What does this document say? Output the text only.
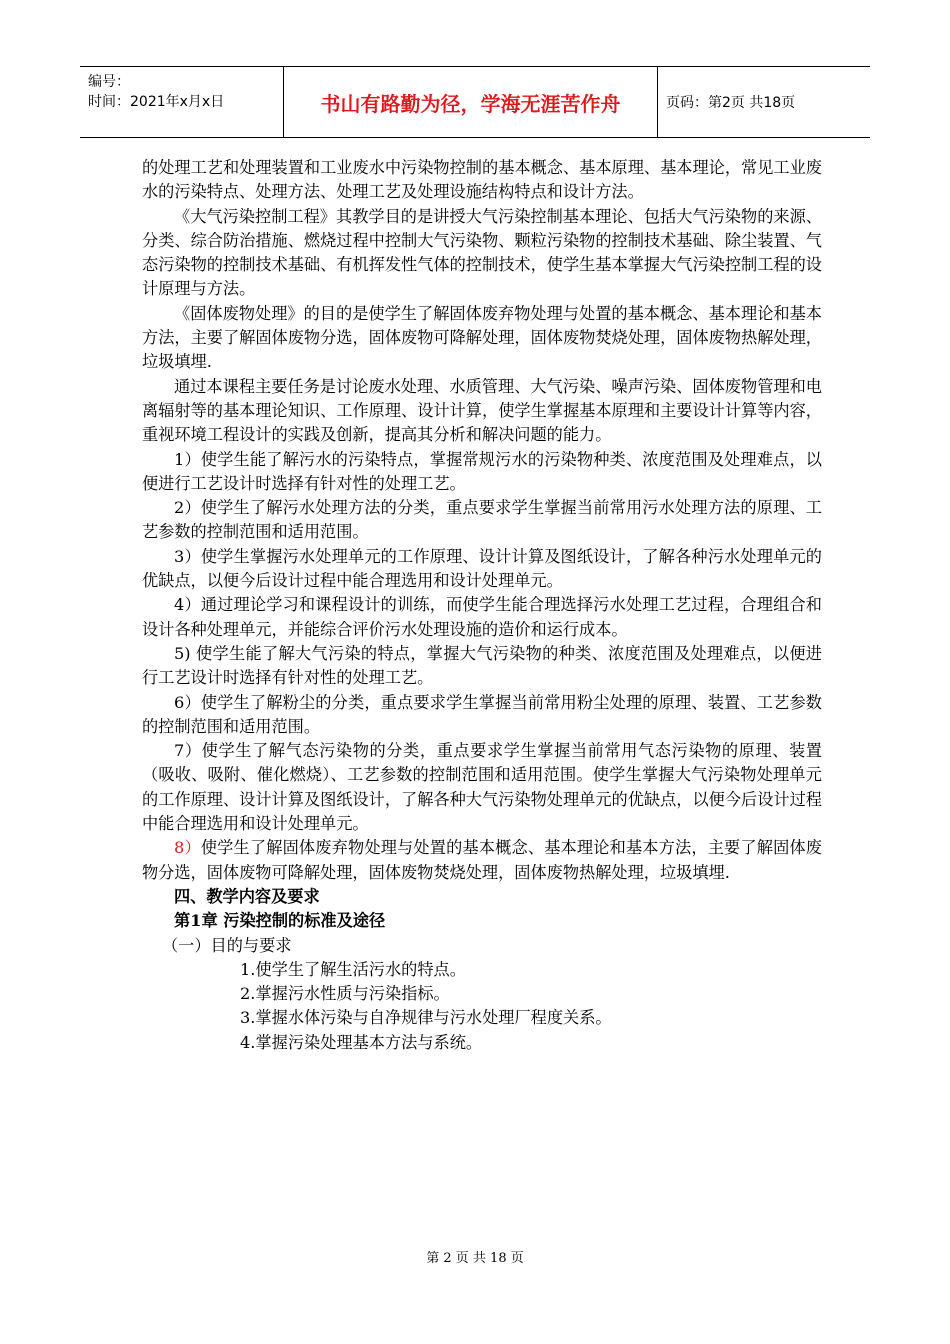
编号：
时间：2021年x月x日	书山有路勤为径，学海无涯苦作舟	页码：第2页 共18页

的处理工艺和处理装置和工业废水中污染物控制的基本概念、基本原理、基本理论，常见工业废水的污染特点、处理方法、处理工艺及处理设施结构特点和设计方法。

《大气污染控制工程》其教学目的是讲授大气污染控制基本理论、包括大气污染物的来源、分类、综合防治措施、燃烧过程中控制大气污染物、颗粒污染物的控制技术基础、除尘装置、气态污染物的控制技术基础、有机挥发性气体的控制技术，使学生基本掌握大气污染控制工程的设计原理与方法。

《固体废物处理》的目的是使学生了解固体废弃物处理与处置的基本概念、基本理论和基本方法，主要了解固体废物分选，固体废物可降解处理，固体废物焚烧处理，固体废物热解处理，垃圾填埋.

通过本课程主要任务是讨论废水处理、水质管理、大气污染、噪声污染、固体废物管理和电离辐射等的基本理论知识、工作原理、设计计算，使学生掌握基本原理和主要设计计算等内容，重视环境工程设计的实践及创新，提高其分析和解决问题的能力。

1）使学生能了解污水的污染特点，掌握常规污水的污染物种类、浓度范围及处理难点，以便进行工艺设计时选择有针对性的处理工艺。

2）使学生了解污水处理方法的分类，重点要求学生掌握当前常用污水处理方法的原理、工艺参数的控制范围和适用范围。

3）使学生掌握污水处理单元的工作原理、设计计算及图纸设计，了解各种污水处理单元的优缺点，以便今后设计过程中能合理选用和设计处理单元。

4）通过理论学习和课程设计的训练，而使学生能合理选择污水处理工艺过程，合理组合和设计各种处理单元，并能综合评价污水处理设施的造价和运行成本。

5) 使学生能了解大气污染的特点，掌握大气污染物的种类、浓度范围及处理难点，以便进行工艺设计时选择有针对性的处理工艺。

6）使学生了解粉尘的分类，重点要求学生掌握当前常用粉尘处理的原理、装置、工艺参数的控制范围和适用范围。

7）使学生了解气态污染物的分类，重点要求学生掌握当前常用气态污染物的原理、装置（吸收、吸附、催化燃烧）、工艺参数的控制范围和适用范围。使学生掌握大气污染物处理单元的工作原理、设计计算及图纸设计，了解各种大气污染物处理单元的优缺点，以便今后设计过程中能合理选用和设计处理单元。

8）使学生了解固体废弃物处理与处置的基本概念、基本理论和基本方法，主要了解固体废物分选，固体废物可降解处理，固体废物焚烧处理，固体废物热解处理，垃圾填埋.

四、教学内容及要求

第1章 污染控制的标准及途径

（一）目的与要求

1.使学生了解生活污水的特点。

2.掌握污水性质与污染指标。

3.掌握水体污染与自净规律与污水处理厂程度关系。

4.掌握污染处理基本方法与系统。

第 2 页 共 18 页
